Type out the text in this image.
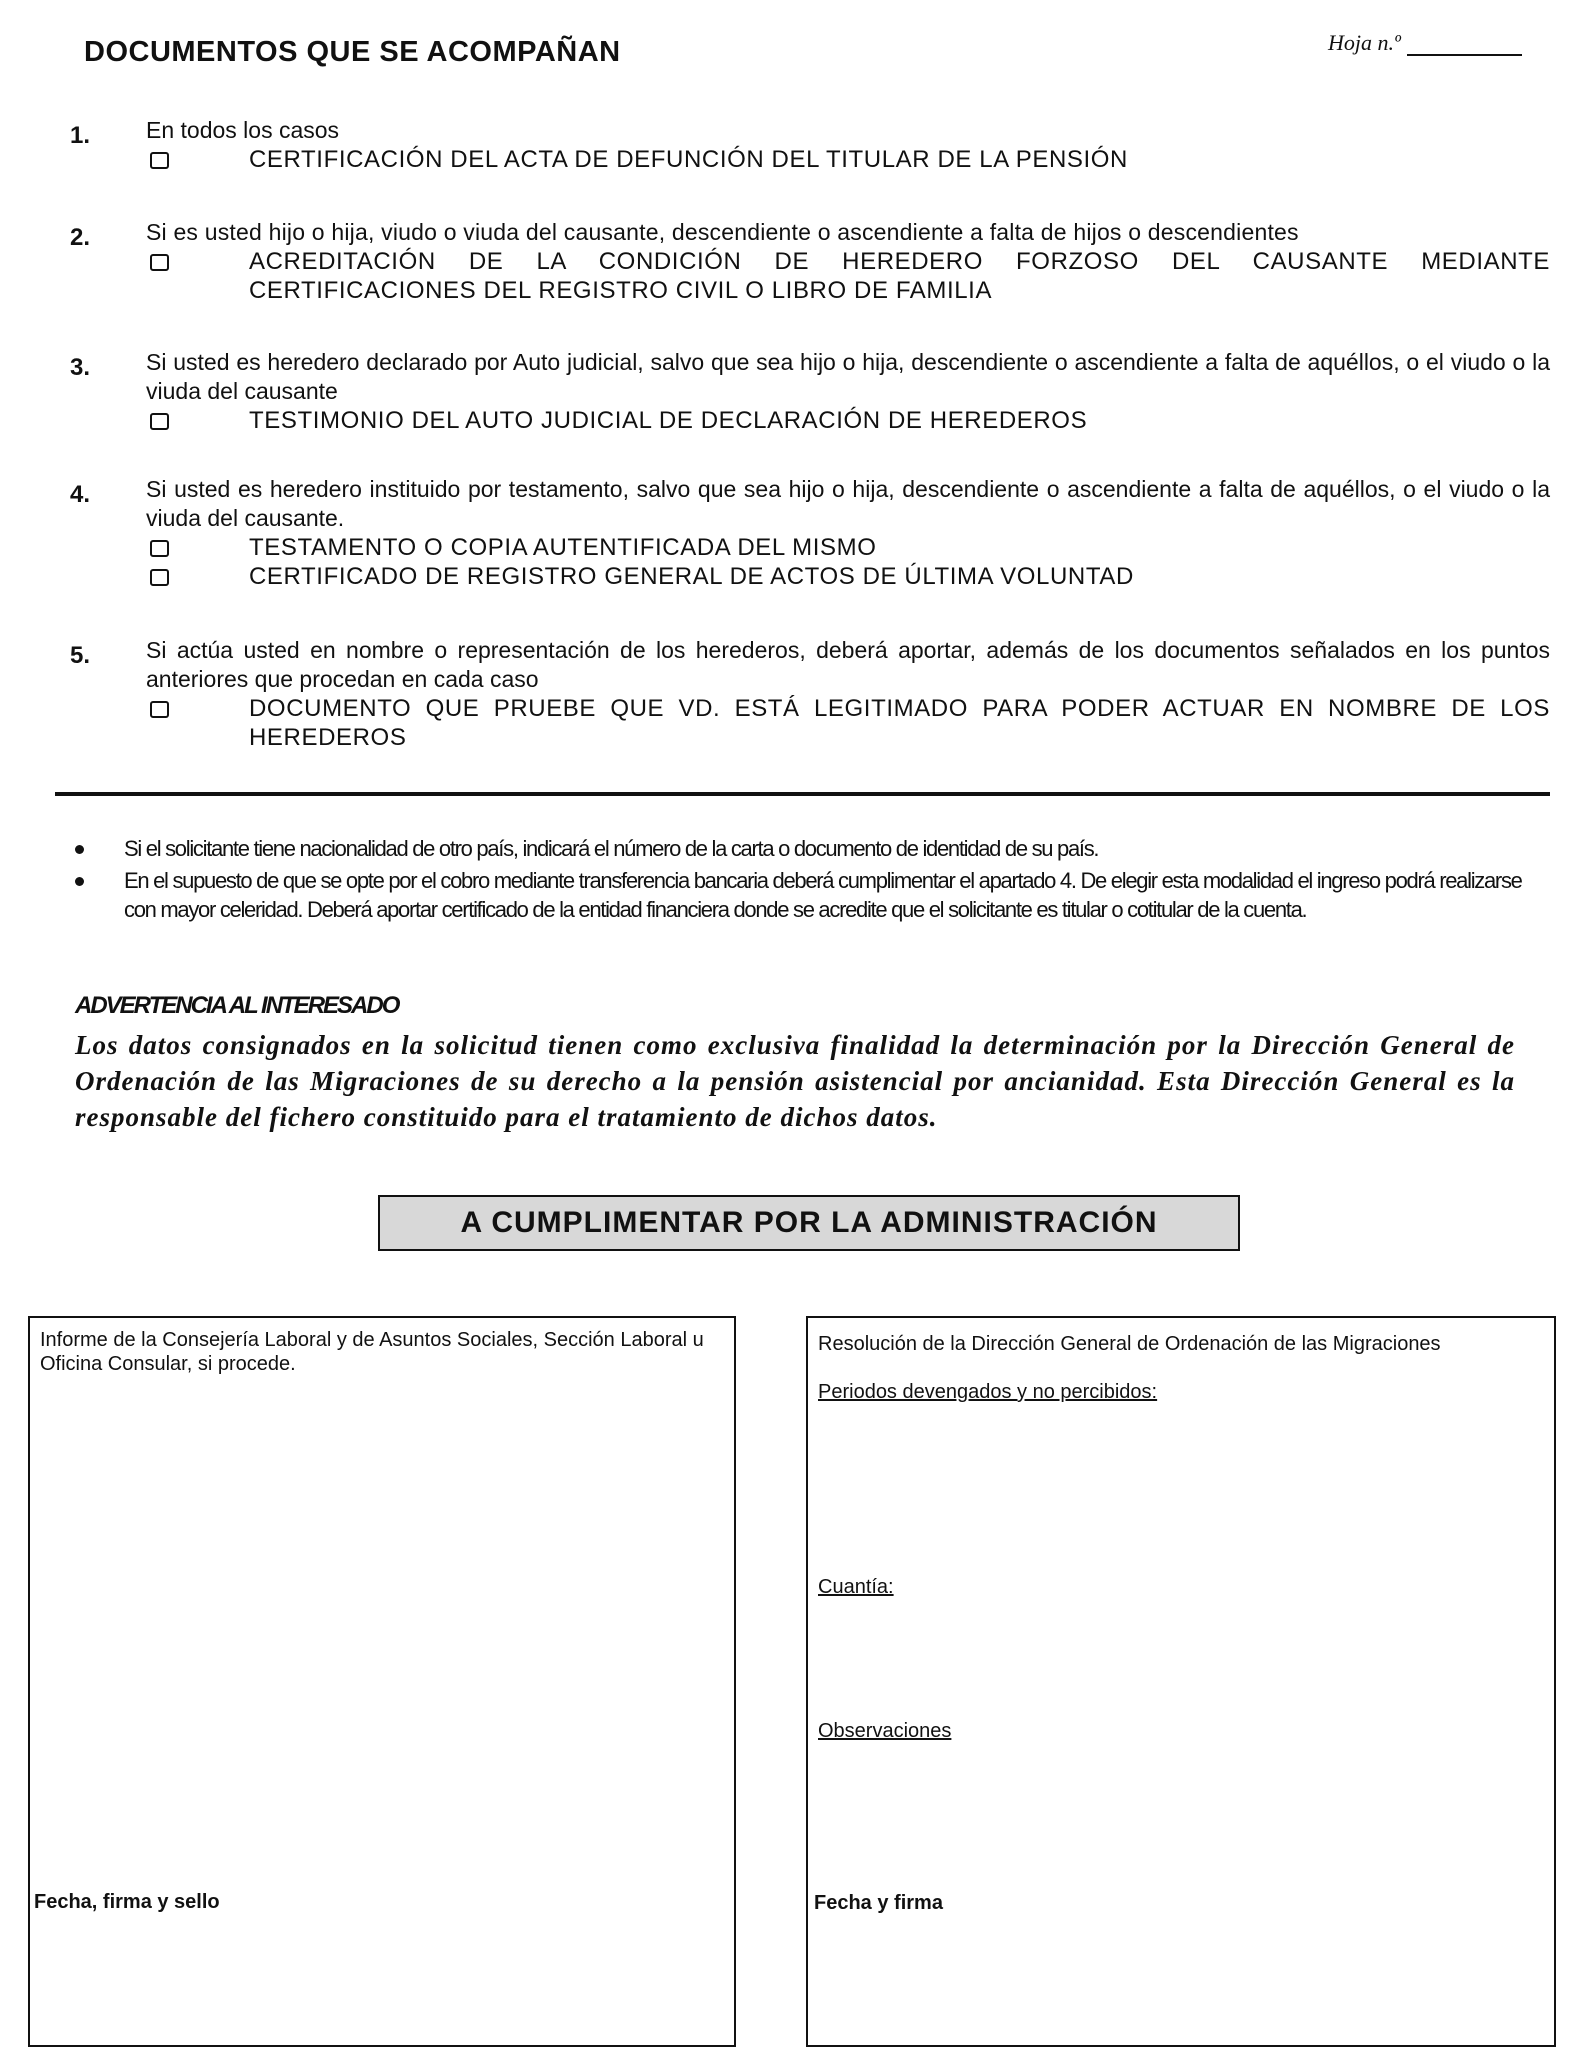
DOCUMENTOS QUE SE ACOMPAÑAN	Hoja n.º
1. En todos los casos
CERTIFICACIÓN DEL ACTA DE DEFUNCIÓN DEL TITULAR DE LA PENSIÓN
2. Si es usted hijo o hija, viudo o viuda del causante, descendiente o ascendiente a falta de hijos o descendientes
ACREDITACIÓN DE LA CONDICIÓN DE HEREDERO FORZOSO DEL CAUSANTE MEDIANTE CERTIFICACIONES DEL REGISTRO CIVIL O LIBRO DE FAMILIA
3. Si usted es heredero declarado por Auto judicial, salvo que sea hijo o hija, descendiente o ascendiente a falta de aquéllos, o el viudo o la viuda del causante
TESTIMONIO DEL AUTO JUDICIAL DE DECLARACIÓN DE HEREDEROS
4. Si usted es heredero instituido por testamento, salvo que sea hijo o hija, descendiente o ascendiente a falta de aquéllos, o el viudo o la viuda del causante.
TESTAMENTO O COPIA AUTENTIFICADA DEL MISMO
CERTIFICADO DE REGISTRO GENERAL DE ACTOS DE ÚLTIMA VOLUNTAD
5. Si actúa usted en nombre o representación de los herederos, deberá aportar, además de los documentos señalados en los puntos anteriores que procedan en cada caso
DOCUMENTO QUE PRUEBE QUE VD. ESTÁ LEGITIMADO PARA PODER ACTUAR EN NOMBRE DE LOS HEREDEROS
Si el solicitante tiene nacionalidad de otro país, indicará el número de la carta o documento de identidad de su país.
En el supuesto de que se opte por el cobro mediante transferencia bancaria deberá cumplimentar el apartado 4. De elegir esta modalidad el ingreso podrá realizarse con mayor celeridad. Deberá aportar certificado de la entidad financiera donde se acredite que el solicitante es titular o cotitular de la cuenta.
ADVERTENCIA AL INTERESADO
Los datos consignados en la solicitud tienen como exclusiva finalidad la determinación por la Dirección General de Ordenación de las Migraciones de su derecho a la pensión asistencial por ancianidad. Esta Dirección General es la responsable del fichero constituido para el tratamiento de dichos datos.
A CUMPLIMENTAR POR LA ADMINISTRACIÓN
Informe de la Consejería Laboral y de Asuntos Sociales, Sección Laboral u Oficina Consular, si procede.
Fecha, firma y sello
Resolución de la Dirección General de Ordenación de las Migraciones
Periodos devengados y no percibidos:
Cuantía:
Observaciones
Fecha y firma
